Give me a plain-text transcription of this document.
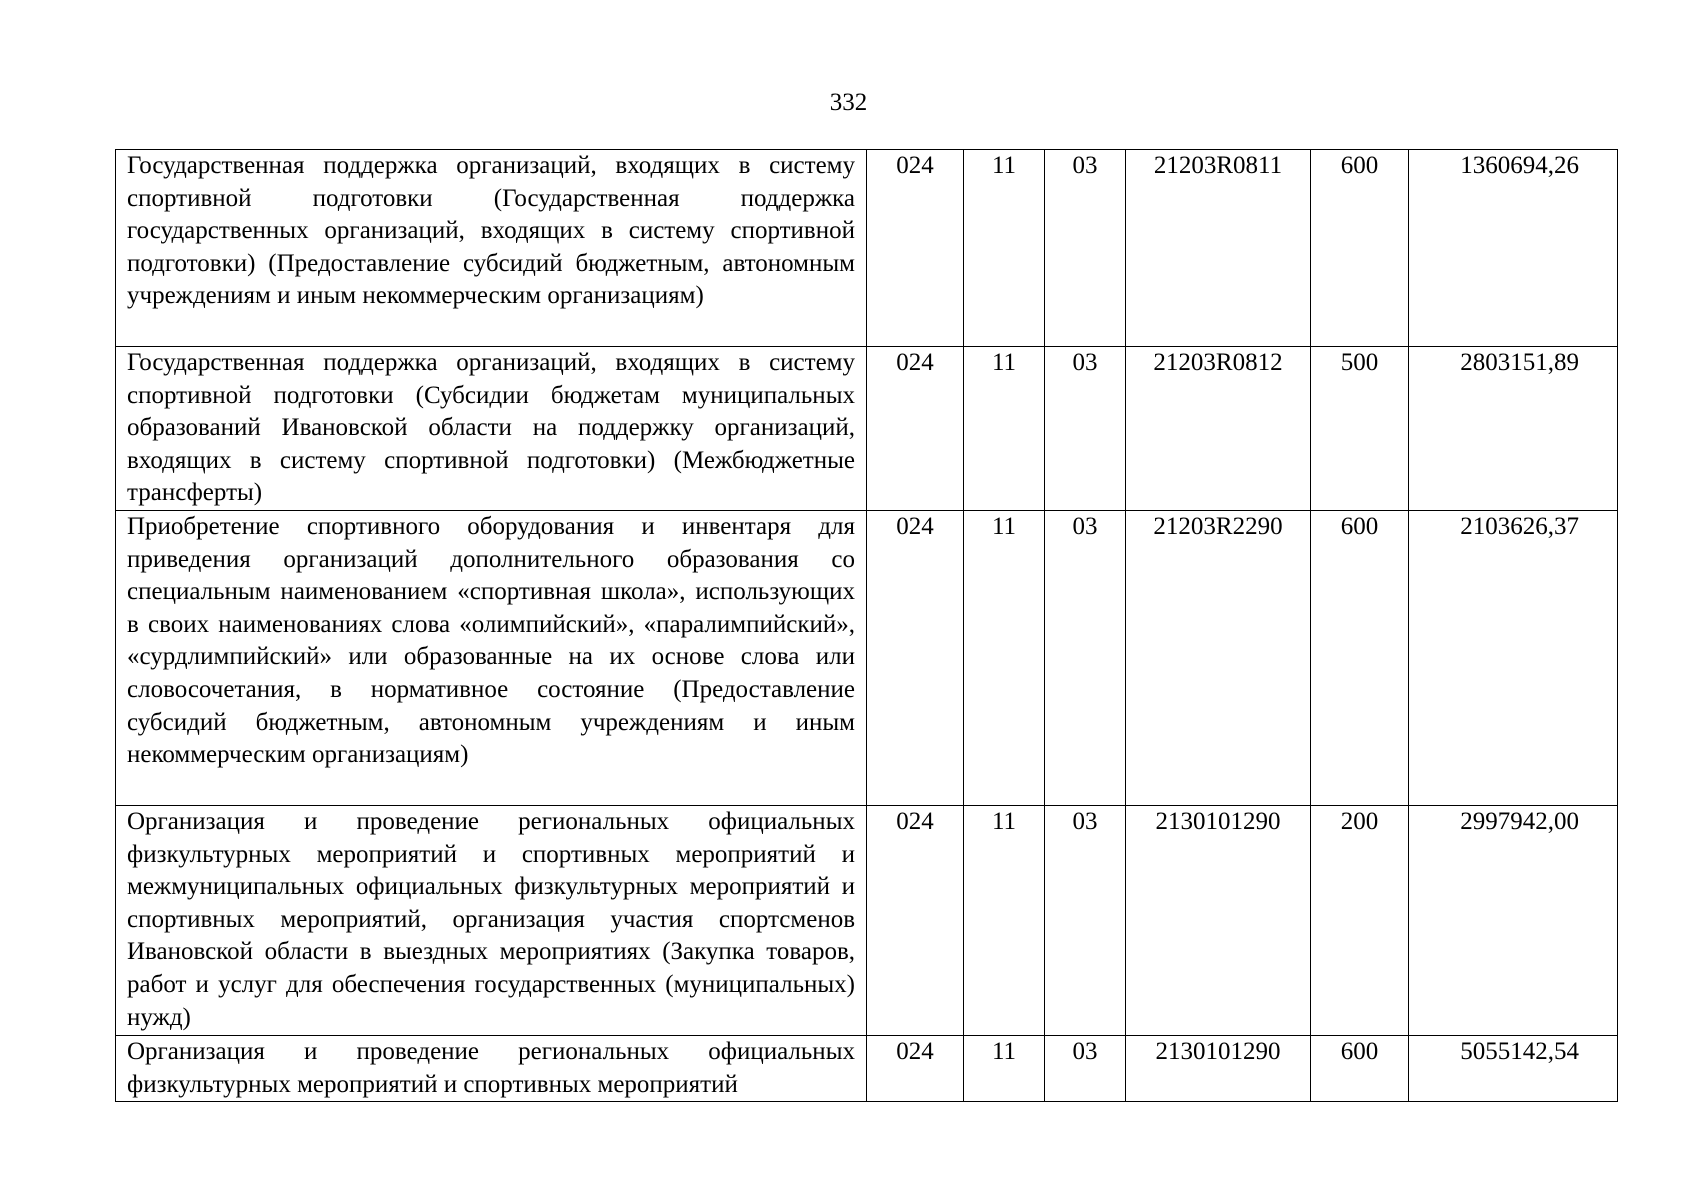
332
Государственная поддержка организаций, входящих в систему спортивной подготовки (Государственная поддержка государственных организаций, входящих в систему спортивной подготовки) (Предоставление субсидий бюджетным, автономным учреждениям и иным некоммерческим организациям)	024	11	03	21203R0811	600	1360694,26
Государственная поддержка организаций, входящих в систему спортивной подготовки (Субсидии бюджетам муниципальных образований Ивановской области на поддержку организаций, входящих в систему спортивной подготовки) (Межбюджетные трансферты)	024	11	03	21203R0812	500	2803151,89
Приобретение спортивного оборудования и инвентаря для приведения организаций дополнительного образования со специальным наименованием «спортивная школа», использующих в своих наименованиях слова «олимпийский», «паралимпийский», «сурдлимпийский» или образованные на их основе слова или словосочетания, в нормативное состояние (Предоставление субсидий бюджетным, автономным учреждениям и иным некоммерческим организациям)	024	11	03	21203R2290	600	2103626,37
Организация и проведение региональных официальных физкультурных мероприятий и спортивных мероприятий и межмуниципальных официальных физкультурных мероприятий и спортивных мероприятий, организация участия спортсменов Ивановской области в выездных мероприятиях (Закупка товаров, работ и услуг для обеспечения государственных (муниципальных) нужд)	024	11	03	2130101290	200	2997942,00
Организация и проведение региональных официальных физкультурных мероприятий и спортивных мероприятий	024	11	03	2130101290	600	5055142,54
